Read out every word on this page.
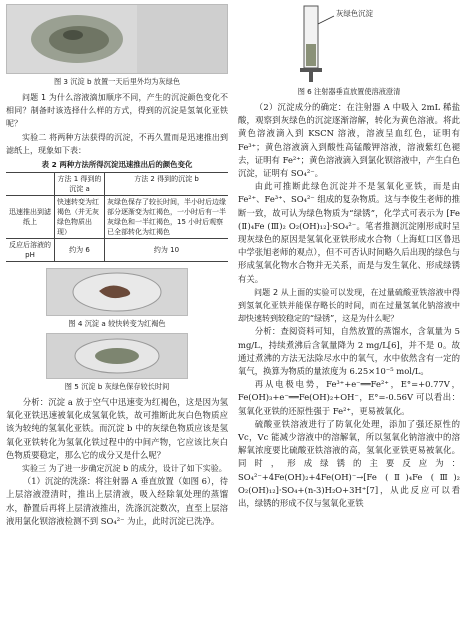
图 3 沉淀 b 放置一天后里外均为灰绿色

问题 1 为什么溶液滴加顺序不同，产生的沉淀颜色变化不相同？制备时该选择什么样的方式，得到的沉淀是氢氧化亚铁呢？

实验二 将两种方法获得的沉淀，不再久置而是迅速推出到滤纸上，现象如下表：

表 2 两种方法所得沉淀迅速推出后的颜色变化
	方法 1 得到的沉淀 a	方法 2 得到的沉淀 b
迅速推出到滤纸上	快速转变为红褐色（并无灰绿色物质出现）	灰绿色保存了较长时间，半小时后边缘部分逐渐变为红褐色，一小时后有一半灰绿色和一半红褐色，15 小时后观察已全部转化为红褐色
反应后溶液的 pH	约为 6	约为 10
图 4 沉淀 a 较快转变为红褐色
图 5 沉淀 b 灰绿色保存较长时间

分析：沉淀 a 放于空气中迅速变为红褐色，这是因为氢氧化亚铁迅速被氧化成氢氧化铁，故可推断此灰白色物质应该为较纯的氢氧化亚铁。而沉淀 b 中的灰绿色物质应该是氢氧化亚铁转化为氢氧化铁过程中的中间产物，它应该比灰白色物质要稳定，那么它的成分又是什么呢？

实验三 为了进一步确定沉淀 b 的成分，设计了如下实验。

（1）沉淀的洗涤：将注射器 A 垂直放置（如图 6），待上层溶液澄清时，推出上层清液，吸入经除氧处理的蒸馏水，静置后再将上层清液推出，洗涤沉淀数次，直至上层溶液用氯化钡溶液检测不到 SO₄²⁻ 为止，此时沉淀已洗净。

灰绿色沉淀
图 6 注射器垂直放置使溶液澄清

（2）沉淀成分的确定：在注射器 A 中吸入 2mL 稀盐酸，观察到灰绿色的沉淀逐渐溶解，转化为黄色溶液。将此黄色溶液滴入到 KSCN 溶液，溶液呈血红色，证明有 Fe³⁺；黄色溶液滴入到酸性高锰酸钾溶液，溶液紫红色褪去，证明有 Fe²⁺；黄色溶液滴入到氯化钡溶液中，产生白色沉淀，证明有 SO₄²⁻。

由此可推断此绿色沉淀并不是氢氧化亚铁，而是由 Fe²⁺、Fe³⁺、SO₄²⁻ 组成的复杂物质。这与李俊生老师的推断一致，故可认为绿色物质为“绿锈”，化学式可表示为 [Fe (Ⅱ)₄Fe (Ⅲ)₂ O₂(OH)₁₂]·SO₄²⁻。笔者推测沉淀刚形成时呈现灰绿色的原因是氢氧化亚铁形成水合物（上海虹口区鲁迅中学张旭老师的观点），但不可否认时间略久后出现的绿色与形成氢氧化物水合物并无关系，而是与发生氧化、形成绿锈有关。

问题 2 从上面的实验可以发现，在过量硫酸亚铁溶液中得到氢氧化亚铁并能保存略长的时间，而在过量氢氧化钠溶液中却快速转到较稳定的“绿锈”，这是为什么呢？

分析：查阅资料可知，自然放置的蒸馏水，含氧量为 5 mg/L，持续煮沸后含氧量降为 2 mg/L[6]，并不是 0。故通过煮沸的方法无法除尽水中的氧气，水中依然含有一定的氧气，换算为物质的量浓度为 6.25×10⁻⁵ mol/L。

再从电极电势，Fe³⁺+e⁻══Fe²⁺，E°=+0.77V，Fe(OH)₃+e⁻══Fe(OH)₂+OH⁻，E°=-0.56V 可以看出：氢氧化亚铁的还原性强于 Fe²⁺，更易被氧化。

硫酸亚铁溶液进行了防氧化处理，添加了强还原性的 Vc，Vc 能减少溶液中的溶解氧，所以氢氧化钠溶液中的溶解氧浓度要比硫酸亚铁溶液的高，氢氧化亚铁更易被氧化。同时，形成绿锈的主要反应为：SO₄²⁻+4Fe(OH)₂+4Fe(OH)⁻→[Fe (Ⅱ)₄Fe (Ⅲ)₂ O₂(OH)₁₂]·SO₄+(n-3)H₂O+3H⁺[7]，从此反应可以看出，绿锈的形成不仅与氢氧化亚铁
